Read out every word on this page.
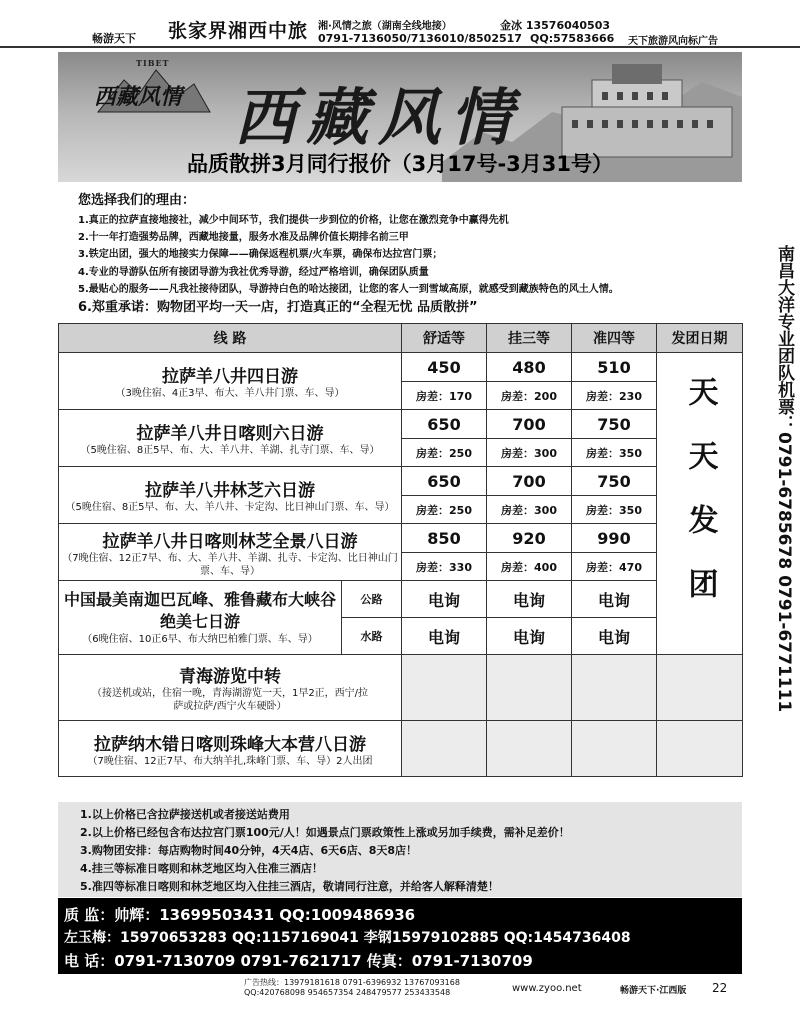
畅游天下 张家界湘西中旅 湘·风情之旅（湖南全线地接）
0791-7136050/7136010/8502517
金冰 13576040503
QQ:57583666 天下旅游风向标广告
TIBET
西藏风情 西藏风情
品质散拼3月同行报价（3月17号-3月31号）
您选择我们的理由：
1.真正的拉萨直接地接社，减少中间环节，我们提供一步到位的价格，让您在激烈竞争中赢得先机
2.十一年打造强势品牌，西藏地接量，服务水准及品牌价值长期排名前三甲
3.铁定出团，强大的地接实力保障——确保返程机票/火车票，确保布达拉宫门票；
4.专业的导游队伍所有接团导游为我社优秀导游，经过严格培训，确保团队质量
5.最贴心的服务——凡我社接待团队，导游持白色的哈达接团，让您的客人一到雪域高原，就感受到藏族特色的风土人情。
6.郑重承诺：购物团平均一天一店，打造真正的“全程无忧 品质散拼”	南昌大洋专业团队机票：0791-6785678 0791-6771111
线 路		舒适等	挂三等	准四等	发团日期

拉萨羊八井四日游
（3晚住宿、4正3早、布大、羊八井门票、车、导）		450	480	510	天天发团

		房差：170	房差：200	房差：230	

拉萨羊八井日喀则六日游
（5晚住宿、8正5早、布、大、羊八井、羊湖、扎寺门票、车、导）		650	700	750	
		房差：250	房差：300	房差：350	

拉萨羊八井林芝六日游
（5晚住宿、8正5早、布、大、羊八井、卡定沟、比日神山门票、车、导）		650	700	750	
		房差：250	房差：300	房差：350	

拉萨羊八井日喀则林芝全景八日游
（7晚住宿、12正7早、布、大、羊八井、羊湖、扎寺、卡定沟、比日神山门票、车、导）		850	920	990	
		房差：330	房差：400	房差：470	

中国最美南迦巴瓦峰、雅鲁藏布大峡谷绝美七日游
（6晚住宿、10正6早、布大纳巴柏雅门票、车、导）	公路	电询	电询	电询	
	水路	电询	电询	电询	

青海游览中转
（接送机或站，住宿一晚，青海湖游览一天，1早2正，西宁/拉萨或拉萨/西宁火车硬卧）					

拉萨纳木错日喀则珠峰大本营八日游
（7晚住宿、12正7早、布大纳羊扎,珠峰门票、车、导）2人出团					

1.以上价格已含拉萨接送机或者接送站费用
2.以上价格已经包含布达拉宫门票100元/人！如遇景点门票政策性上涨或另加手续费，需补足差价！
3.购物团安排：每店购物时间40分钟，4天4店、6天6店、8天8店！
4.挂三等标准日喀则和林芝地区均入住准三酒店！
5.准四等标准日喀则和林芝地区均入住挂三酒店，敬请同行注意，并给客人解释清楚！
质 监：帅辉：13699503431 QQ:1009486936
左玉梅：15970653283 QQ:1157169041 李钢15979102885 QQ:1454736408
电 话：0791-7130709 0791-7621717 传真：0791-7130709
广告热线：13979181618 0791-6396932 13767093168
QQ:420768098 954657354 248479577 253433548	www.zyoo.net	畅游天下·江西版 22
